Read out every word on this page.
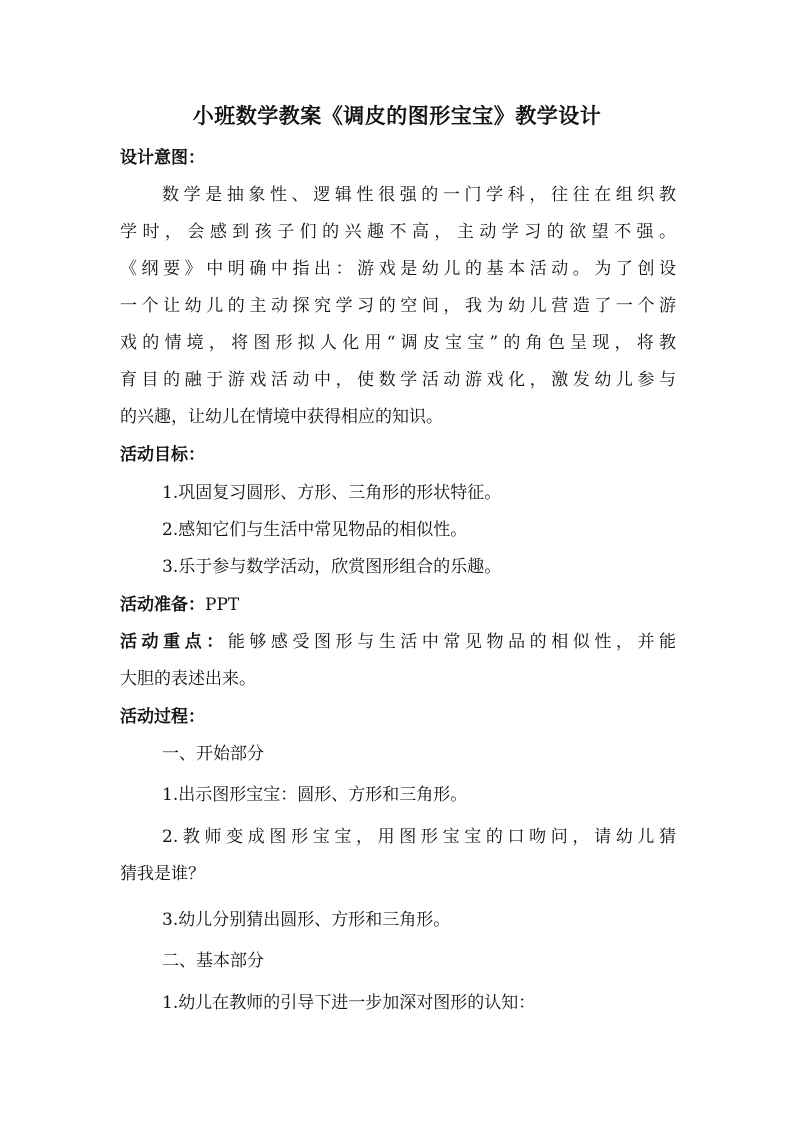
小班数学教案《调皮的图形宝宝》教学设计
设计意图：
数学是抽象性、逻辑性很强的一门学科，往往在组织教
学时，会感到孩子们的兴趣不高，主动学习的欲望不强。
《纲要》中明确中指出：游戏是幼儿的基本活动。为了创设
一个让幼儿的主动探究学习的空间，我为幼儿营造了一个游
戏的情境，将图形拟人化用“调皮宝宝”的角色呈现，将教
育目的融于游戏活动中，使数学活动游戏化，激发幼儿参与
的兴趣，让幼儿在情境中获得相应的知识。
活动目标：
1.巩固复习圆形、方形、三角形的形状特征。
2.感知它们与生活中常见物品的相似性。
3.乐于参与数学活动，欣赏图形组合的乐趣。
活动准备：PPT
活动重点：能够感受图形与生活中常见物品的相似性，并能
大胆的表述出来。
活动过程：
一、开始部分
1.出示图形宝宝：圆形、方形和三角形。
2.教师变成图形宝宝，用图形宝宝的口吻问，请幼儿猜
猜我是谁？
3.幼儿分别猜出圆形、方形和三角形。
二、基本部分
1.幼儿在教师的引导下进一步加深对图形的认知：
